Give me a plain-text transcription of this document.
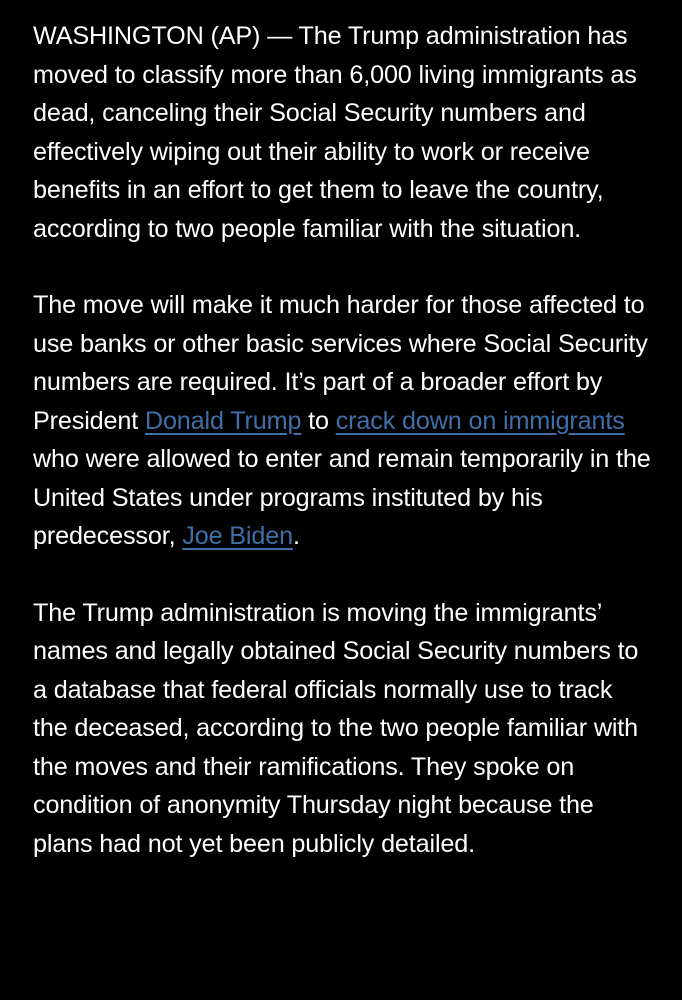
WASHINGTON (AP) — The Trump administration has moved to classify more than 6,000 living immigrants as dead, canceling their Social Security numbers and effectively wiping out their ability to work or receive benefits in an effort to get them to leave the country, according to two people familiar with the situation.

The move will make it much harder for those affected to use banks or other basic services where Social Security numbers are required. It’s part of a broader effort by President Donald Trump to crack down on immigrants who were allowed to enter and remain temporarily in the United States under programs instituted by his predecessor, Joe Biden.

The Trump administration is moving the immigrants’ names and legally obtained Social Security numbers to a database that federal officials normally use to track the deceased, according to the two people familiar with the moves and their ramifications. They spoke on condition of anonymity Thursday night because the plans had not yet been publicly detailed.
